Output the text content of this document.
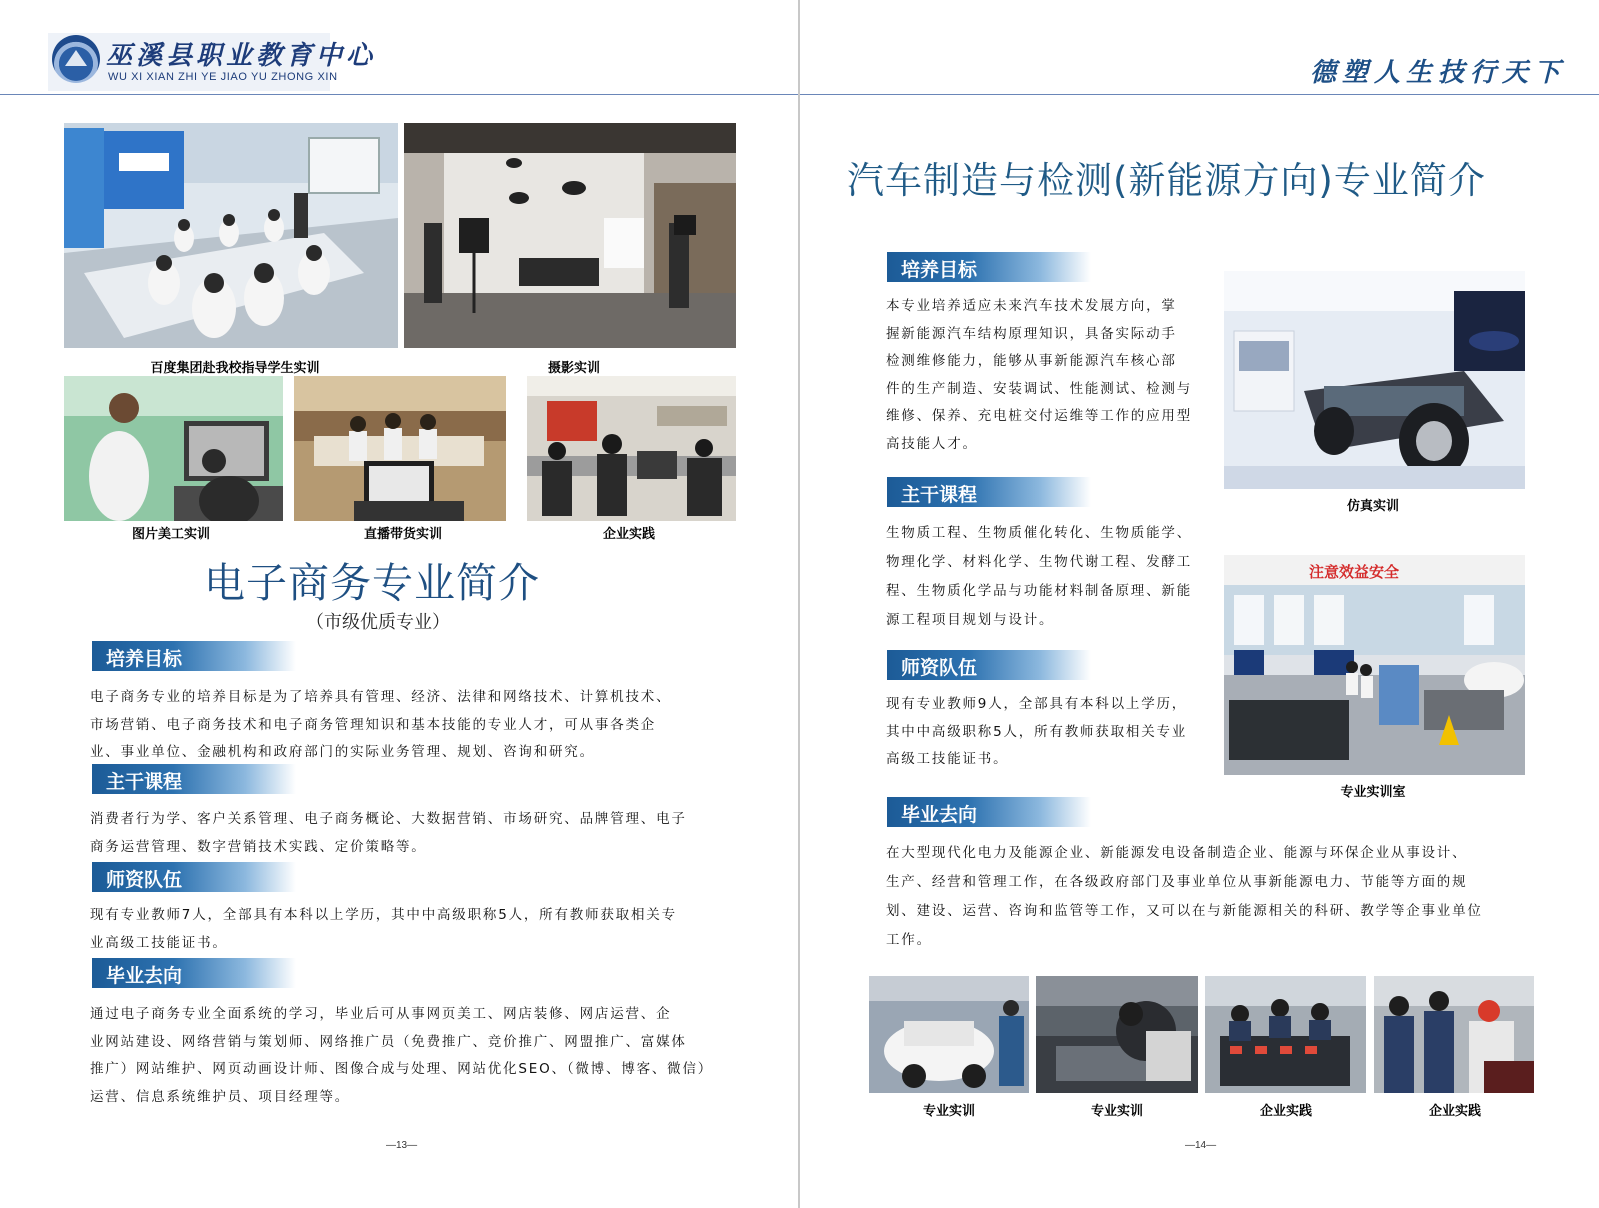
巫溪县职业教育中心
WU XI XIAN ZHI YE JIAO YU ZHONG XIN
百度集团赴我校指导学生实训	摄影实训
图片美工实训	直播带货实训	企业实践
电子商务专业简介
（市级优质专业）
培养目标
电子商务专业的培养目标是为了培养具有管理、经济、法律和网络技术、计算机技术、
市场营销、电子商务技术和电子商务管理知识和基本技能的专业人才，可从事各类企
业、事业单位、金融机构和政府部门的实际业务管理、规划、咨询和研究。
主干课程
消费者行为学、客户关系管理、电子商务概论、大数据营销、市场研究、品牌管理、电子
商务运营管理、数字营销技术实践、定价策略等。
师资队伍
现有专业教师7人，全部具有本科以上学历，其中中高级职称5人，所有教师获取相关专
业高级工技能证书。
毕业去向
通过电子商务专业全面系统的学习，毕业后可从事网页美工、网店装修、网店运营、企
业网站建设、网络营销与策划师、网络推广员（免费推广、竞价推广、网盟推广、富媒体
推广）网站维护、网页动画设计师、图像合成与处理、网站优化SEO、（微博、博客、微信）
运营、信息系统维护员、项目经理等。
—13—
德塑人生技行天下
汽车制造与检测(新能源方向)专业简介
培养目标
本专业培养适应未来汽车技术发展方向，掌
握新能源汽车结构原理知识，具备实际动手
检测维修能力，能够从事新能源汽车核心部
件的生产制造、安装调试、性能测试、检测与
维修、保养、充电桩交付运维等工作的应用型
高技能人才。
仿真实训
主干课程
生物质工程、生物质催化转化、生物质能学、
物理化学、材料化学、生物代谢工程、发酵工
程、生物质化学品与功能材料制备原理、新能
源工程项目规划与设计。
注意效益安全
专业实训室
师资队伍
现有专业教师9人，全部具有本科以上学历，
其中中高级职称5人，所有教师获取相关专业
高级工技能证书。
毕业去向
在大型现代化电力及能源企业、新能源发电设备制造企业、能源与环保企业从事设计、
生产、经营和管理工作，在各级政府部门及事业单位从事新能源电力、节能等方面的规
划、建设、运营、咨询和监管等工作，又可以在与新能源相关的科研、教学等企事业单位
工作。
专业实训	专业实训	企业实践	企业实践
—14—
